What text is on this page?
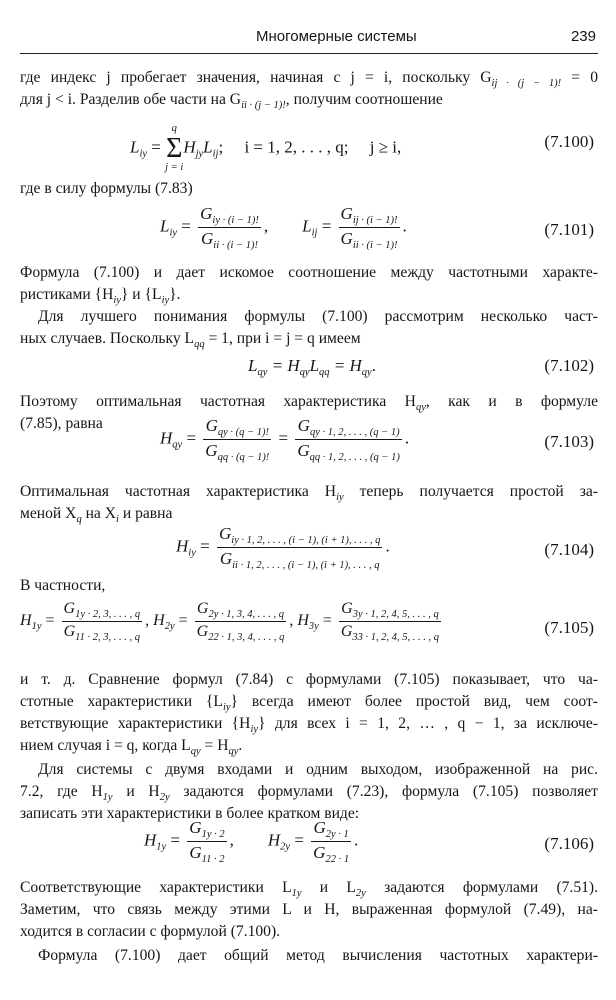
Многомерные системы	239
где индекс j пробегает значения, начиная с j = i, поскольку $G_{ij \cdot (j - 1)!} = 0$
для j < i. Разделив обе части на $G_{ii \cdot (j - 1)!}$, получим соотношение
$L_{iy}$ =
q
Σ
j = i
$H_{jy}L_{ij}$;     i = 1, 2, . . . , q;     j ≥ i,	(7.100)
где в силу формулы (7.83)
$L_{iy} = \frac{G_{iy \cdot (i - 1)!}}{G_{ii \cdot (i - 1)!}}$ , $L_{ij} = \frac{G_{ij \cdot (i - 1)!}}{G_{ii \cdot (i - 1)!}}$ .	(7.101)
Формула (7.100) и дает искомое соотношение между частотными характе-
ристиками $\{H_{iy}\}$ и $\{L_{iy}\}$.
Для лучшего понимания формулы (7.100) рассмотрим несколько част-
ных случаев. Поскольку $L_{qq} = 1$, при i = j = q имеем
$L_{qy} = H_{qy}L_{qq} = H_{qy}$.	(7.102)
Поэтому оптимальная частотная характеристика $H_{qy}$, как и в формуле
(7.85), равна
$H_{qy} = \frac{G_{qy \cdot (q - 1)!}}{G_{qq \cdot (q - 1)!}} = \frac{G_{qy \cdot 1, 2, . . . , (q - 1)}}{G_{qq \cdot 1, 2, . . . , (q - 1)}}$ .	(7.103)
Оптимальная частотная характеристика $H_{iy}$ теперь получается простой за-
меной $X_q$ на $X_i$ и равна
$H_{iy} = \frac{G_{iy \cdot 1, 2, . . . , (i - 1), (i + 1), . . . , q}}{G_{ii \cdot 1, 2, . . . , (i - 1), (i + 1), . . . , q}}$ .	(7.104)
В частности,
$H_{1y} = \frac{G_{1y \cdot 2, 3, . . . , q}}{G_{11 \cdot 2, 3, . . . , q}}$ , $H_{2y} = \frac{G_{2y \cdot 1, 3, 4, . . . , q}}{G_{22 \cdot 1, 3, 4, . . . , q}}$ , $H_{3y} = \frac{G_{3y \cdot 1, 2, 4, 5, . . . , q}}{G_{33 \cdot 1, 2, 4, 5, . . . , q}}$	(7.105)
и т. д. Сравнение формул (7.84) с формулами (7.105) показывает, что ча-
стотные характеристики $\{L_{iy}\}$ всегда имеют более простой вид, чем соот-
ветствующие характеристики $\{H_{iy}\}$ для всех i = 1, 2, … , q − 1, за исключе-
нием случая i = q, когда $L_{qy} = H_{qy}$.
Для системы с двумя входами и одним выходом, изображенной на рис.
7.2, где $H_{1y}$ и $H_{2y}$ задаются формулами (7.23), формула (7.105) позволяет
записать эти характеристики в более кратком виде:
$H_{1y} = \frac{G_{1y \cdot 2}}{G_{11 \cdot 2}}$ , $H_{2y} = \frac{G_{2y \cdot 1}}{G_{22 \cdot 1}}$ .	(7.106)
Соответствующие характеристики $L_{1y}$ и $L_{2y}$ задаются формулами (7.51).
Заметим, что связь между этими L и H, выраженная формулой (7.49), на-
ходится в согласии с формулой (7.100).
Формула (7.100) дает общий метод вычисления частотных характери-
